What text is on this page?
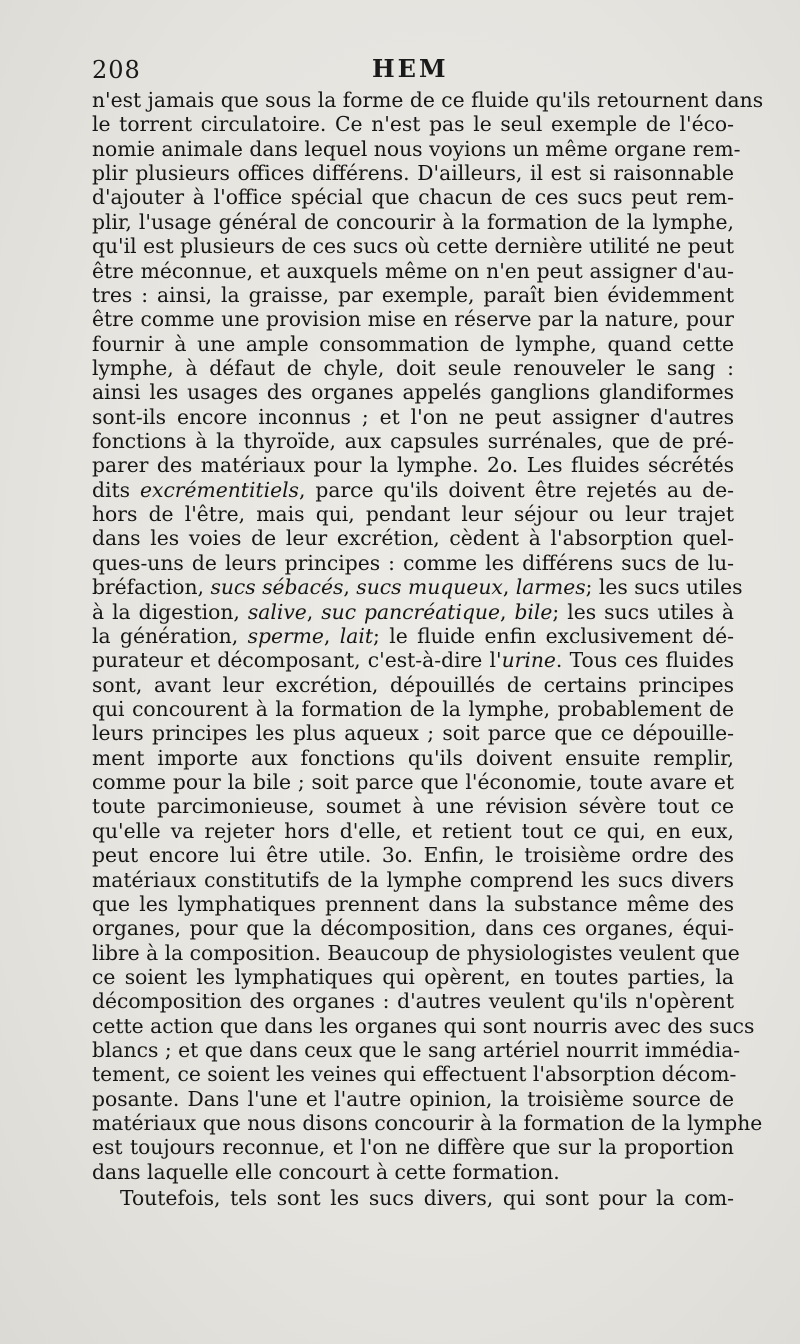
208	HEM
n'est jamais que sous la forme de ce fluide qu'ils retournent dans
le torrent circulatoire. Ce n'est pas le seul exemple de l'éco-
nomie animale dans lequel nous voyions un même organe rem-
plir plusieurs offices différens. D'ailleurs, il est si raisonnable
d'ajouter à l'office spécial que chacun de ces sucs peut rem-
plir, l'usage général de concourir à la formation de la lymphe,
qu'il est plusieurs de ces sucs où cette dernière utilité ne peut
être méconnue, et auxquels même on n'en peut assigner d'au-
tres : ainsi, la graisse, par exemple, paraît bien évidemment
être comme une provision mise en réserve par la nature, pour
fournir à une ample consommation de lymphe, quand cette
lymphe, à défaut de chyle, doit seule renouveler le sang :
ainsi les usages des organes appelés ganglions glandiformes
sont-ils encore inconnus ; et l'on ne peut assigner d'autres
fonctions à la thyroïde, aux capsules surrénales, que de pré-
parer des matériaux pour la lymphe. 2o. Les fluides sécrétés
dits excrémentitiels, parce qu'ils doivent être rejetés au de-
hors de l'être, mais qui, pendant leur séjour ou leur trajet
dans les voies de leur excrétion, cèdent à l'absorption quel-
ques-uns de leurs principes : comme les différens sucs de lu-
bréfaction, sucs sébacés, sucs muqueux, larmes; les sucs utiles
à la digestion, salive, suc pancréatique, bile; les sucs utiles à
la génération, sperme, lait; le fluide enfin exclusivement dé-
purateur et décomposant, c'est-à-dire l'urine. Tous ces fluides
sont, avant leur excrétion, dépouillés de certains principes
qui concourent à la formation de la lymphe, probablement de
leurs principes les plus aqueux ; soit parce que ce dépouille-
ment importe aux fonctions qu'ils doivent ensuite remplir,
comme pour la bile ; soit parce que l'économie, toute avare et
toute parcimonieuse, soumet à une révision sévère tout ce
qu'elle va rejeter hors d'elle, et retient tout ce qui, en eux,
peut encore lui être utile. 3o. Enfin, le troisième ordre des
matériaux constitutifs de la lymphe comprend les sucs divers
que les lymphatiques prennent dans la substance même des
organes, pour que la décomposition, dans ces organes, équi-
libre à la composition. Beaucoup de physiologistes veulent que
ce soient les lymphatiques qui opèrent, en toutes parties, la
décomposition des organes : d'autres veulent qu'ils n'opèrent
cette action que dans les organes qui sont nourris avec des sucs
blancs ; et que dans ceux que le sang artériel nourrit immédia-
tement, ce soient les veines qui effectuent l'absorption décom-
posante. Dans l'une et l'autre opinion, la troisième source de
matériaux que nous disons concourir à la formation de la lymphe
est toujours reconnue, et l'on ne diffère que sur la proportion
dans laquelle elle concourt à cette formation.
Toutefois, tels sont les sucs divers, qui sont pour la com-
